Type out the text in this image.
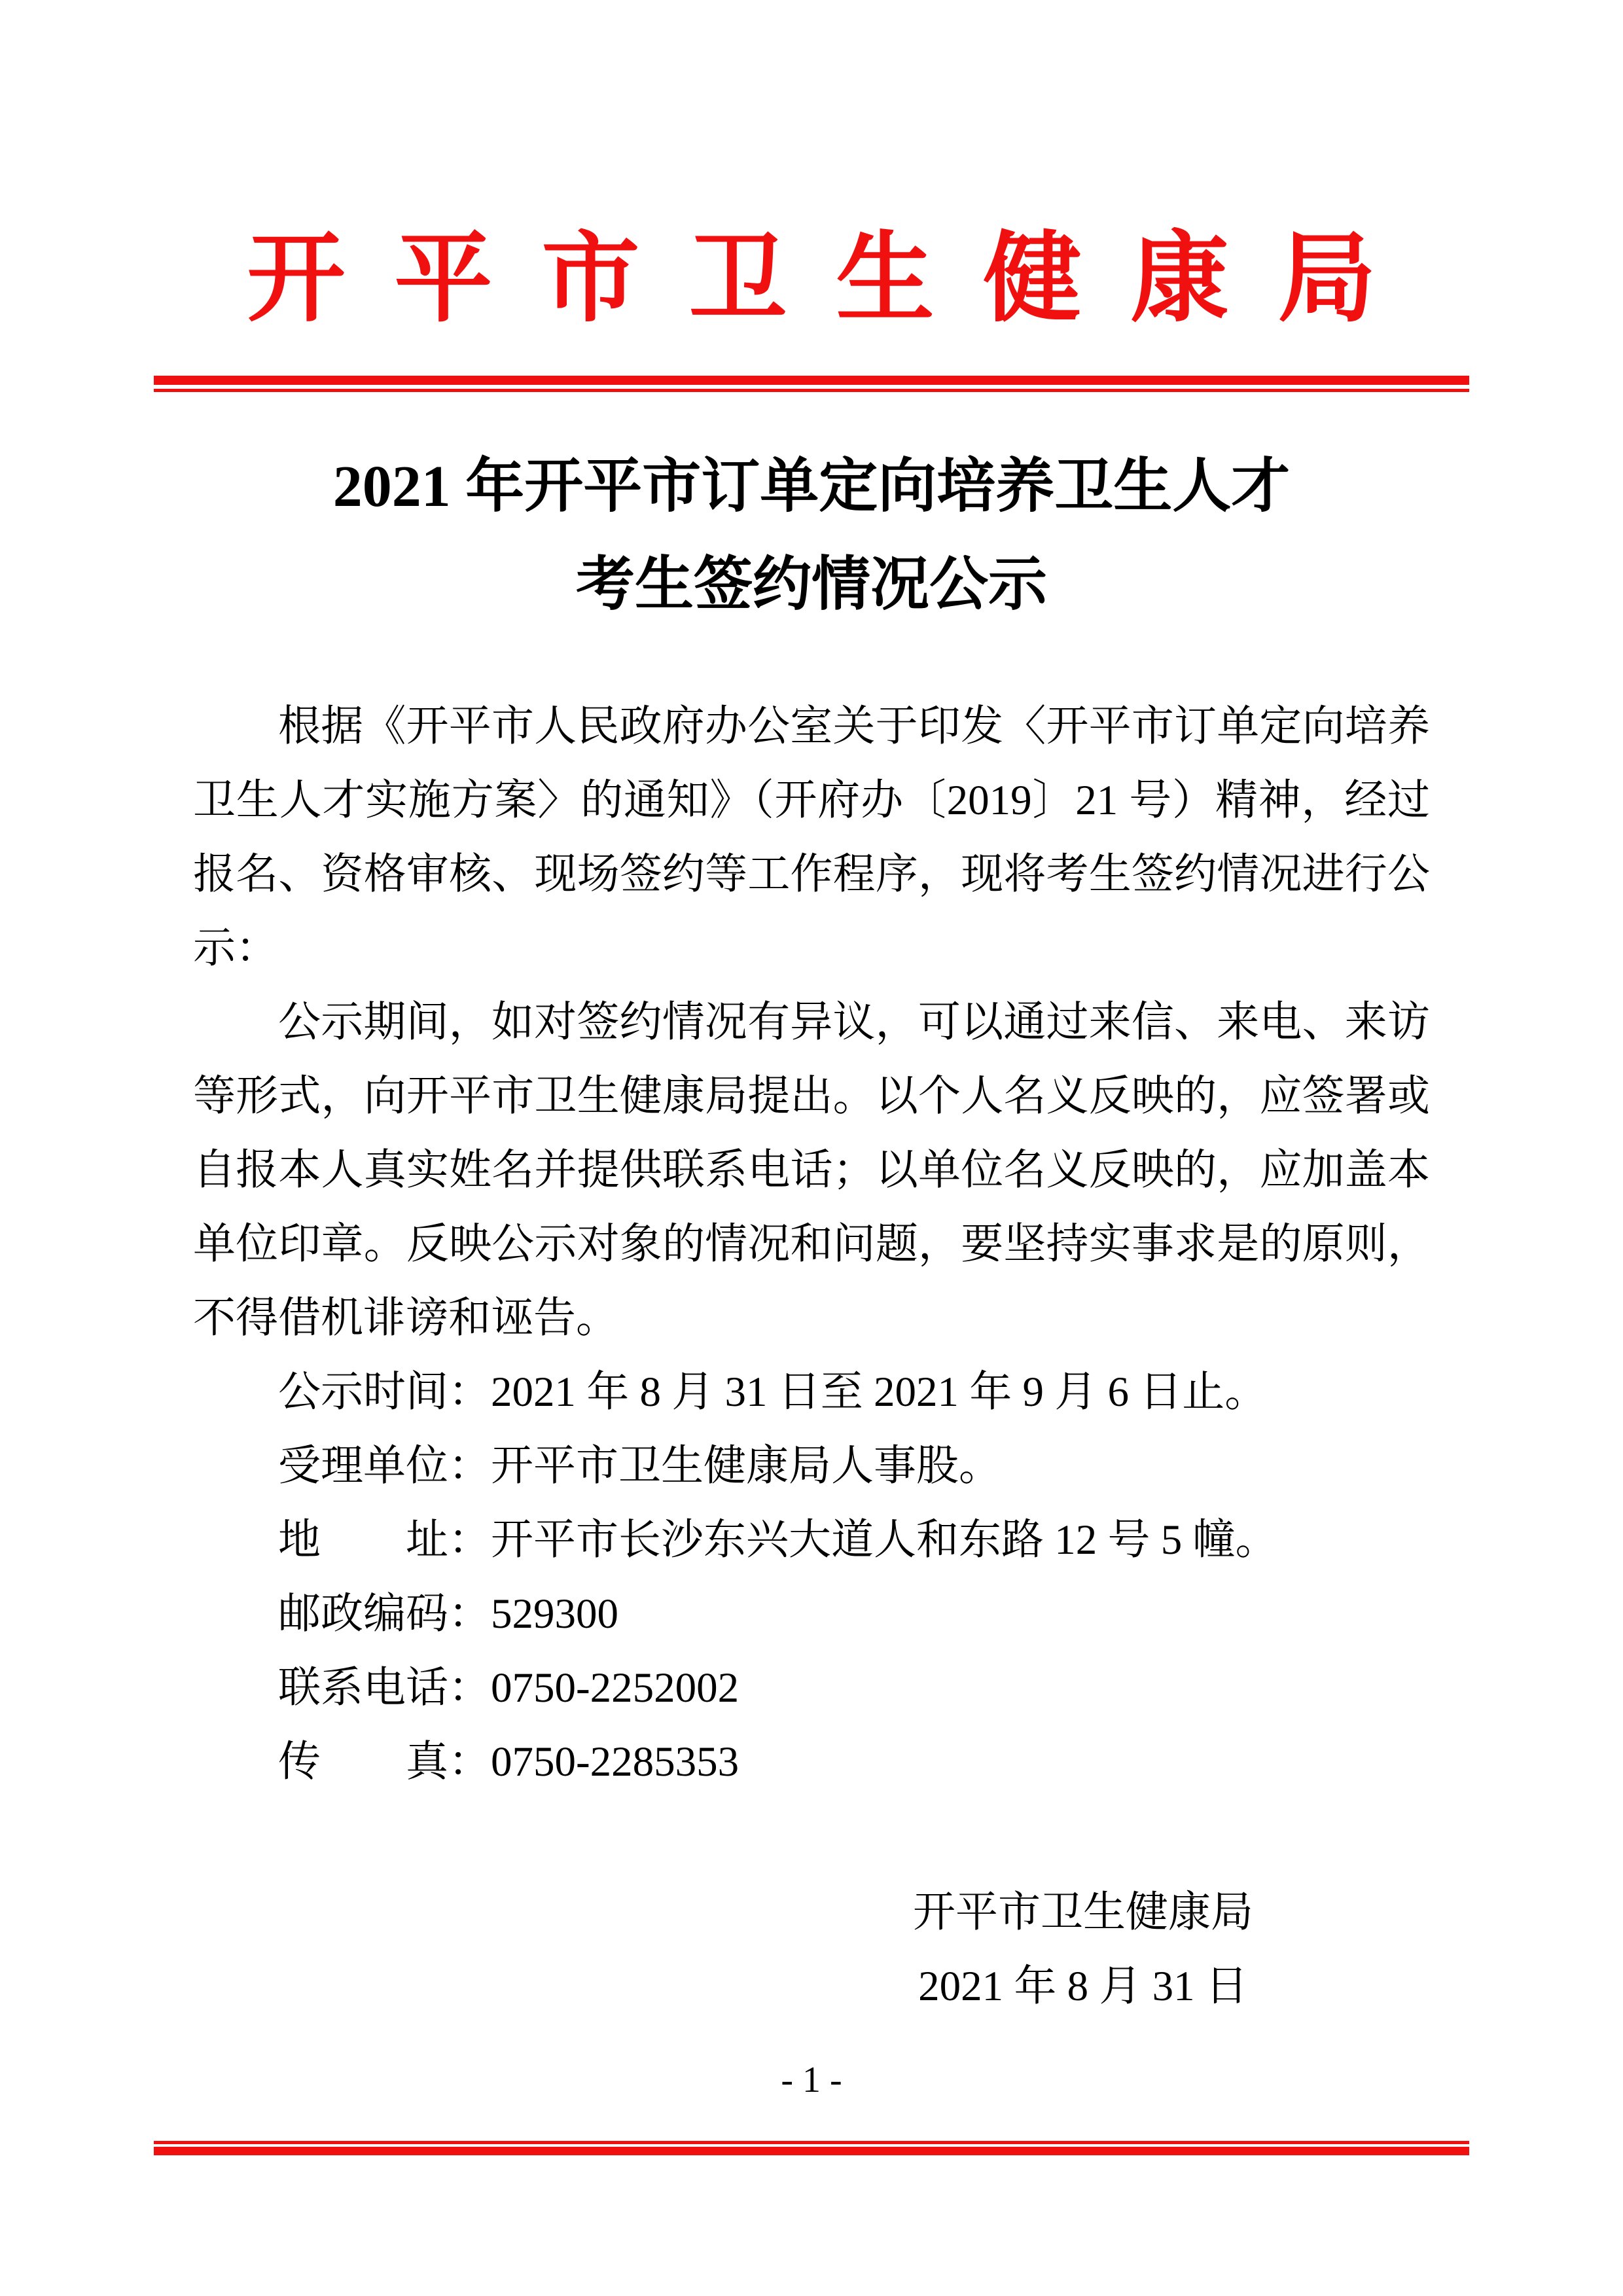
开平市卫生健康局
2021 年开平市订单定向培养卫生人才
考生签约情况公示

根据《开平市人民政府办公室关于印发〈开平市订单定向培养卫生人才实施方案〉的通知》（开府办〔2019〕21 号）精神，经过报名、资格审核、现场签约等工作程序，现将考生签约情况进行公示：

公示期间，如对签约情况有异议，可以通过来信、来电、来访等形式，向开平市卫生健康局提出。以个人名义反映的，应签署或自报本人真实姓名并提供联系电话；以单位名义反映的，应加盖本单位印章。反映公示对象的情况和问题，要坚持实事求是的原则，不得借机诽谤和诬告。

公示时间：2021 年 8 月 31 日至 2021 年 9 月 6 日止。

受理单位：开平市卫生健康局人事股。

地　　址：开平市长沙东兴大道人和东路 12 号 5 幢。

邮政编码：529300

联系电话：0750-2252002

传　　真：0750-2285353

开平市卫生健康局
2021 年 8 月 31 日
- 1 -
